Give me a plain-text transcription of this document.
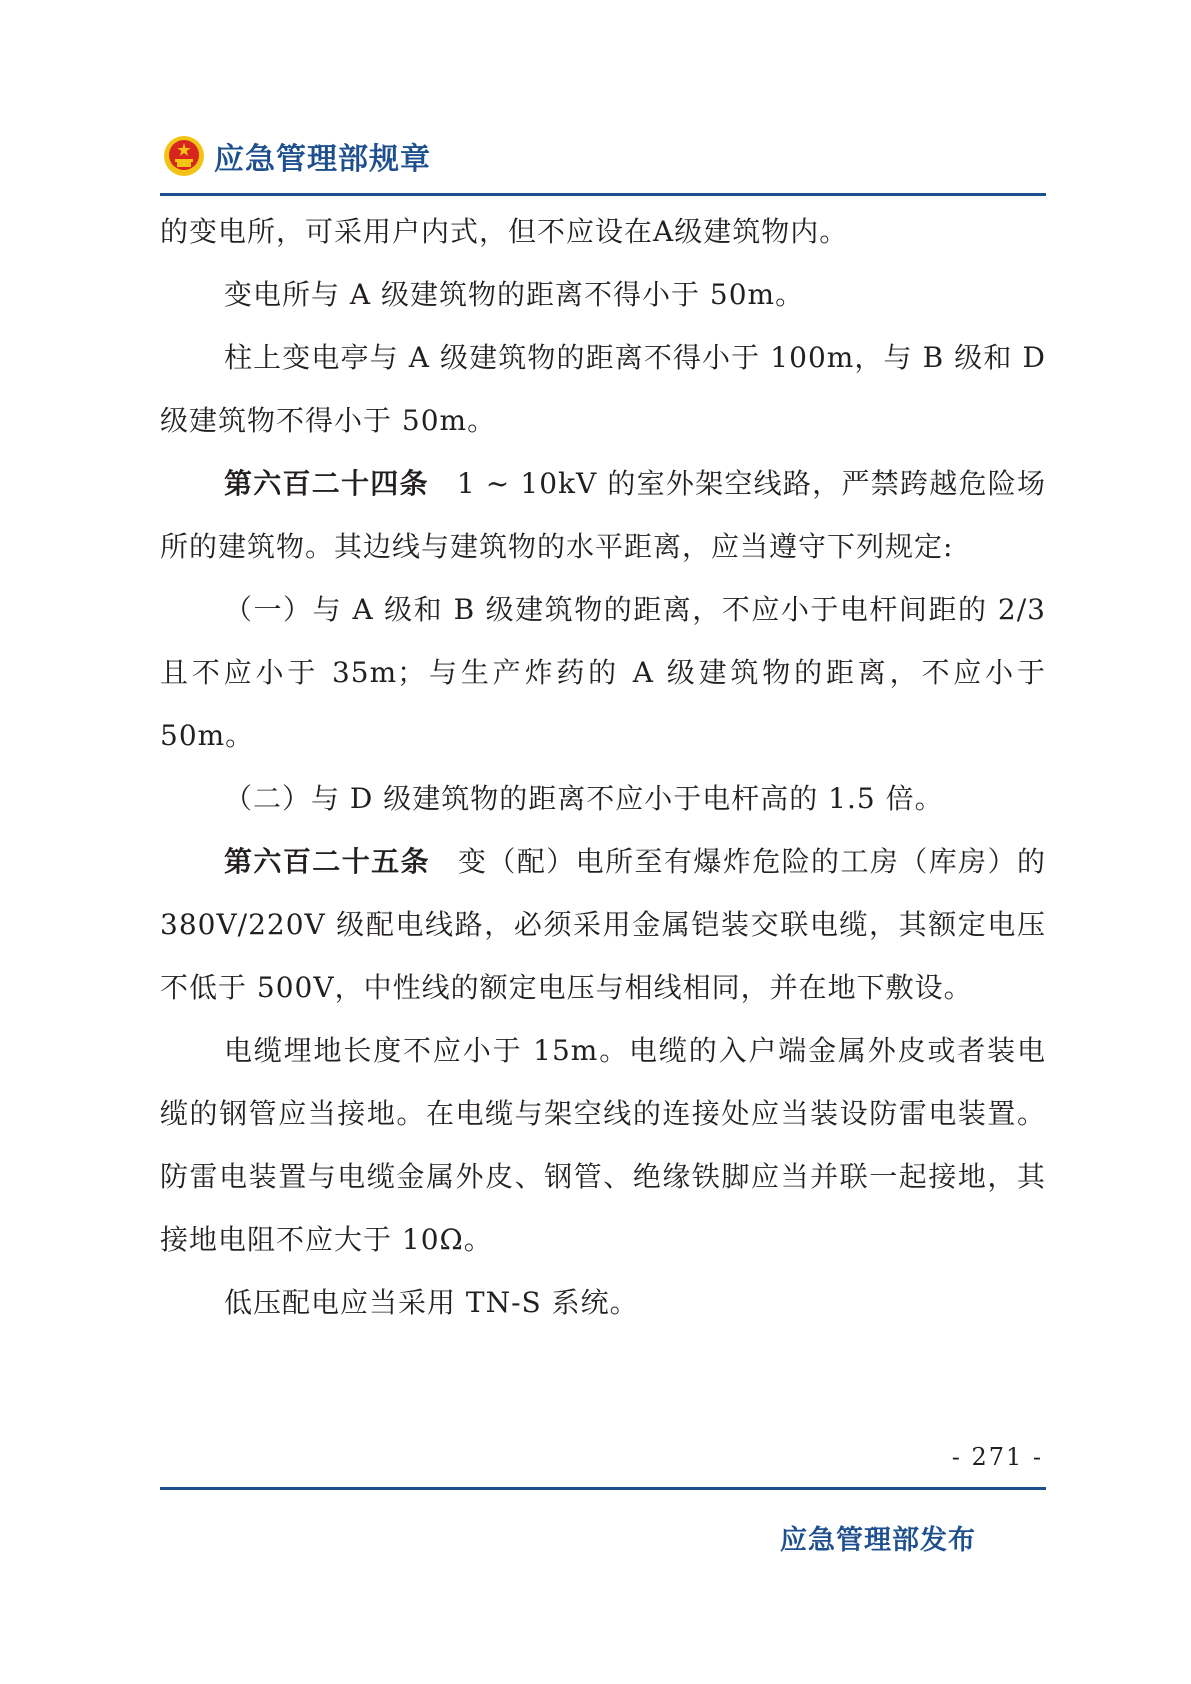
应急管理部规章

的变电所，可采用户内式，但不应设在A级建筑物内。

变电所与 A 级建筑物的距离不得小于 50m。

柱上变电亭与 A 级建筑物的距离不得小于 100m，与 B 级和 D 级建筑物不得小于 50m。

第六百二十四条 1 ~ 10kV 的室外架空线路，严禁跨越危险场所的建筑物。其边线与建筑物的水平距离，应当遵守下列规定:

（一）与 A 级和 B 级建筑物的距离，不应小于电杆间距的 2/3 且不应小于 35m；与生产炸药的 A 级建筑物的距离，不应小于 50m。

（二）与 D 级建筑物的距离不应小于电杆高的 1.5 倍。

第六百二十五条 变（配）电所至有爆炸危险的工房（库房）的 380V/220V 级配电线路，必须采用金属铠装交联电缆，其额定电压不低于 500V，中性线的额定电压与相线相同，并在地下敷设。

电缆埋地长度不应小于 15m。电缆的入户端金属外皮或者装电缆的钢管应当接地。在电缆与架空线的连接处应当装设防雷电装置。防雷电装置与电缆金属外皮、钢管、绝缘铁脚应当并联一起接地，其接地电阻不应大于 10Ω。

低压配电应当采用 TN-S 系统。

- 271 -
应急管理部发布
